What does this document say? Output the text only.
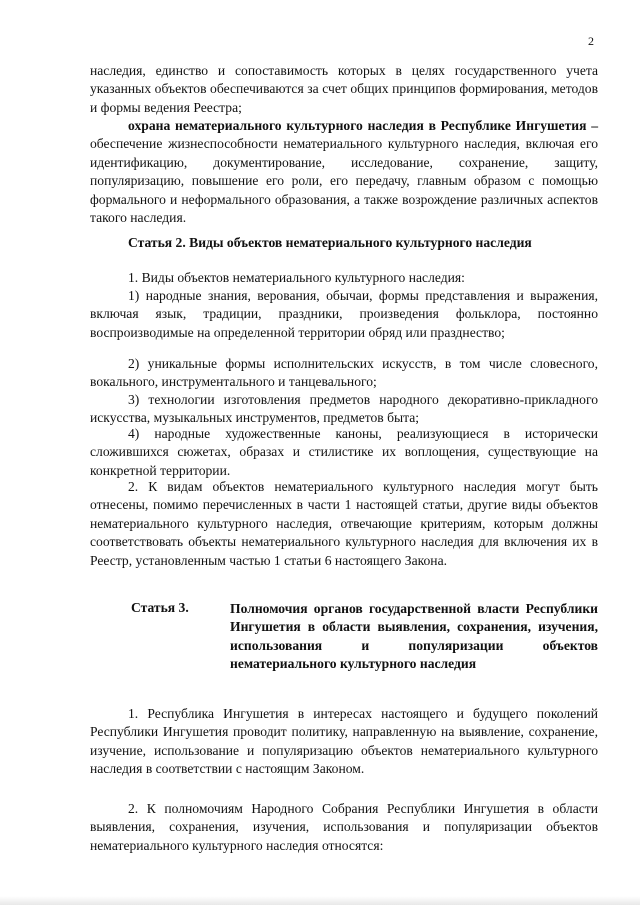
2
наследия, единство и сопоставимость которых в целях государственного учета указанных объектов обеспечиваются за счет общих принципов формирования, методов и формы ведения Реестра;
охрана нематериального культурного наследия в Республике Ингушетия – обеспечение жизнеспособности нематериального культурного наследия, включая его идентификацию, документирование, исследование, сохранение, защиту, популяризацию, повышение его роли, его передачу, главным образом с помощью формального и неформального образования, а также возрождение различных аспектов такого наследия.
Статья 2. Виды объектов нематериального культурного наследия
1. Виды объектов нематериального культурного наследия:
1) народные знания, верования, обычаи, формы представления и выражения, включая язык, традиции, праздники, произведения фольклора, постоянно воспроизводимые на определенной территории обряд или празднество;
2) уникальные формы исполнительских искусств, в том числе словесного, вокального, инструментального и танцевального;
3) технологии изготовления предметов народного декоративно-прикладного искусства, музыкальных инструментов, предметов быта;
4) народные художественные каноны, реализующиеся в исторически сложившихся сюжетах, образах и стилистике их воплощения, существующие на конкретной территории.
2. К видам объектов нематериального культурного наследия могут быть отнесены, помимо перечисленных в части 1 настоящей статьи, другие виды объектов нематериального культурного наследия, отвечающие критериям, которым должны соответствовать объекты нематериального культурного наследия для включения их в Реестр, установленным частью 1 статьи 6 настоящего Закона.
Статья 3.	Полномочия органов государственной власти Республики Ингушетия в области выявления, сохранения, изучения, использования и популяризации объектов нематериального культурного наследия
1. Республика Ингушетия в интересах настоящего и будущего поколений Республики Ингушетия проводит политику, направленную на выявление, сохранение, изучение, использование и популяризацию объектов нематериального культурного наследия в соответствии с настоящим Законом.
2. К полномочиям Народного Собрания Республики Ингушетия в области выявления, сохранения, изучения, использования и популяризации объектов нематериального культурного наследия относятся:
